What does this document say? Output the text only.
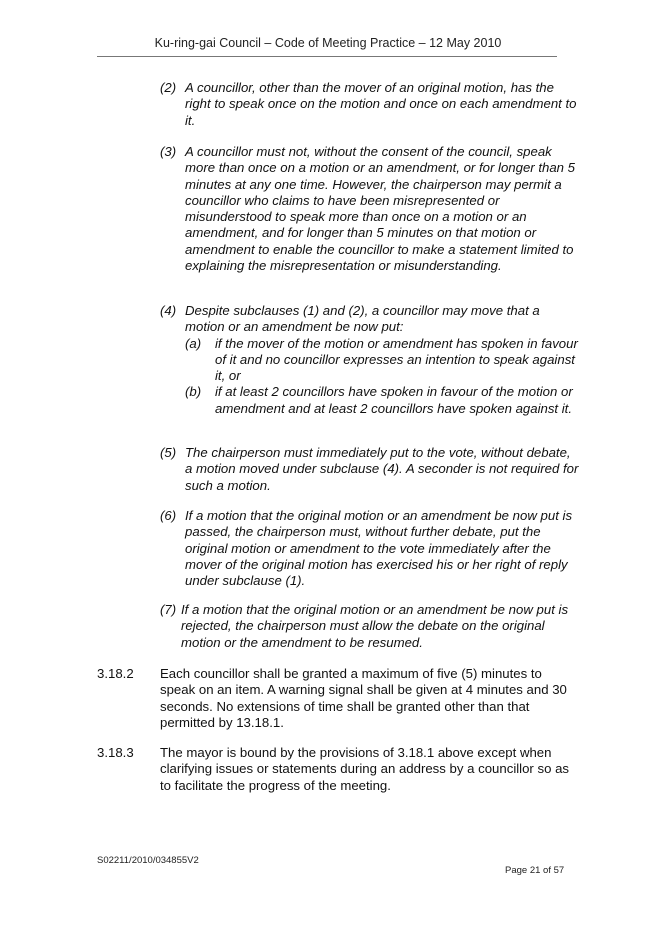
Ku-ring-gai Council – Code of Meeting Practice – 12 May 2010
(2) A councillor, other than the mover of an original motion, has the right to speak once on the motion and once on each amendment to it.
(3) A councillor must not, without the consent of the council, speak more than once on a motion or an amendment, or for longer than 5 minutes at any one time. However, the chairperson may permit a councillor who claims to have been misrepresented or misunderstood to speak more than once on a motion or an amendment, and for longer than 5 minutes on that motion or amendment to enable the councillor to make a statement limited to explaining the misrepresentation or misunderstanding.
(4) Despite subclauses (1) and (2), a councillor may move that a motion or an amendment be now put:
(a) if the mover of the motion or amendment has spoken in favour of it and no councillor expresses an intention to speak against it, or
(b) if at least 2 councillors have spoken in favour of the motion or amendment and at least 2 councillors have spoken against it.
(5) The chairperson must immediately put to the vote, without debate, a motion moved under subclause (4). A seconder is not required for such a motion.
(6) If a motion that the original motion or an amendment be now put is passed, the chairperson must, without further debate, put the original motion or amendment to the vote immediately after the mover of the original motion has exercised his or her right of reply under subclause (1).
(7) If a motion that the original motion or an amendment be now put is rejected, the chairperson must allow the debate on the original motion or the amendment to be resumed.
3.18.2 Each councillor shall be granted a maximum of five (5) minutes to speak on an item. A warning signal shall be given at 4 minutes and 30 seconds. No extensions of time shall be granted other than that permitted by 13.18.1.
3.18.3 The mayor is bound by the provisions of 3.18.1 above except when clarifying issues or statements during an address by a councillor so as to facilitate the progress of the meeting.
S02211/2010/034855V2
Page 21 of 57
